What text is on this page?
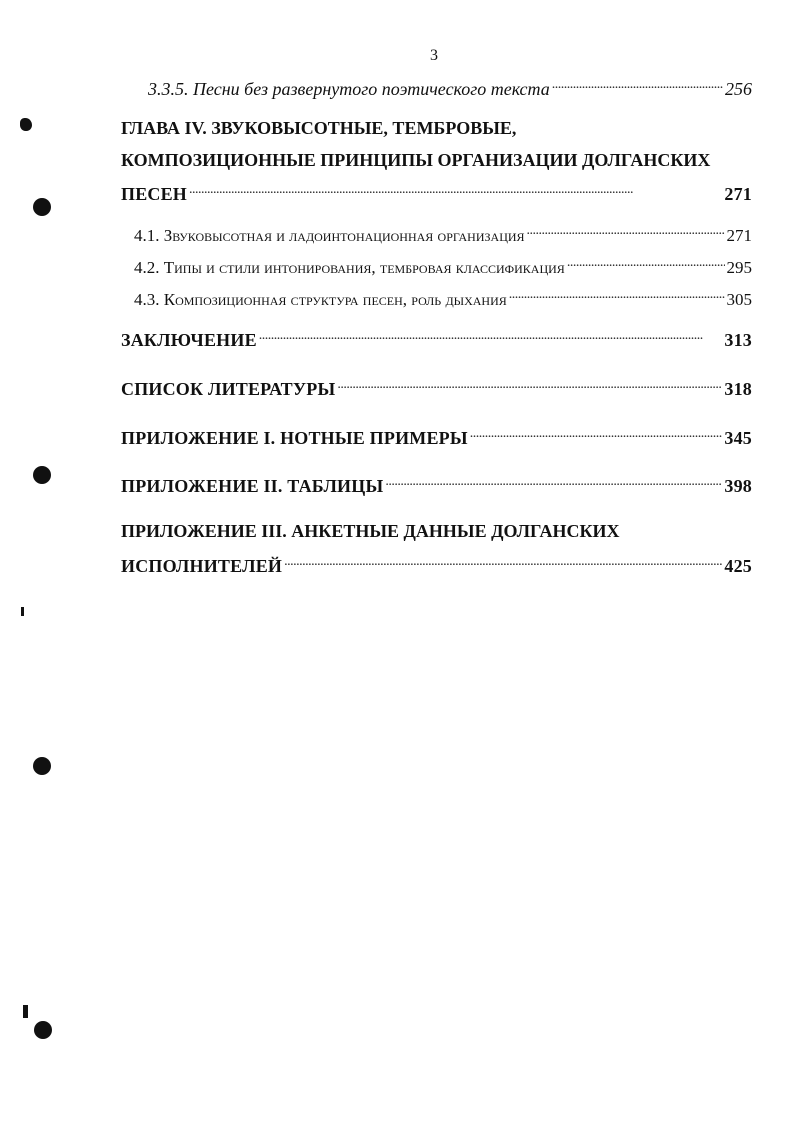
3
3.3.5. Песни без развернутого поэтического текста . . .	256
ГЛАВА IV. ЗВУКОВЫСОТНЫЕ, ТЕМБРОВЫЕ,
КОМПОЗИЦИОННЫЕ ПРИНЦИПЫ ОРГАНИЗАЦИИ ДОЛГАНСКИХ
ПЕСЕН . . .	271
4.1. Звуковысотная и ладоинтонационная организация . . .	271
4.2. Типы и стили интонирования, тембровая классификация . . .	295
4.3. Композиционная структура песен, роль дыхания . . .	305
ЗАКЛЮЧЕНИЕ . . .	313
СПИСОК ЛИТЕРАТУРЫ . . .	318
ПРИЛОЖЕНИЕ I. НОТНЫЕ ПРИМЕРЫ . . .	345
ПРИЛОЖЕНИЕ II. ТАБЛИЦЫ . . .	398
ПРИЛОЖЕНИЕ III. АНКЕТНЫЕ ДАННЫЕ ДОЛГАНСКИХ
ИСПОЛНИТЕЛЕЙ . . .	425
